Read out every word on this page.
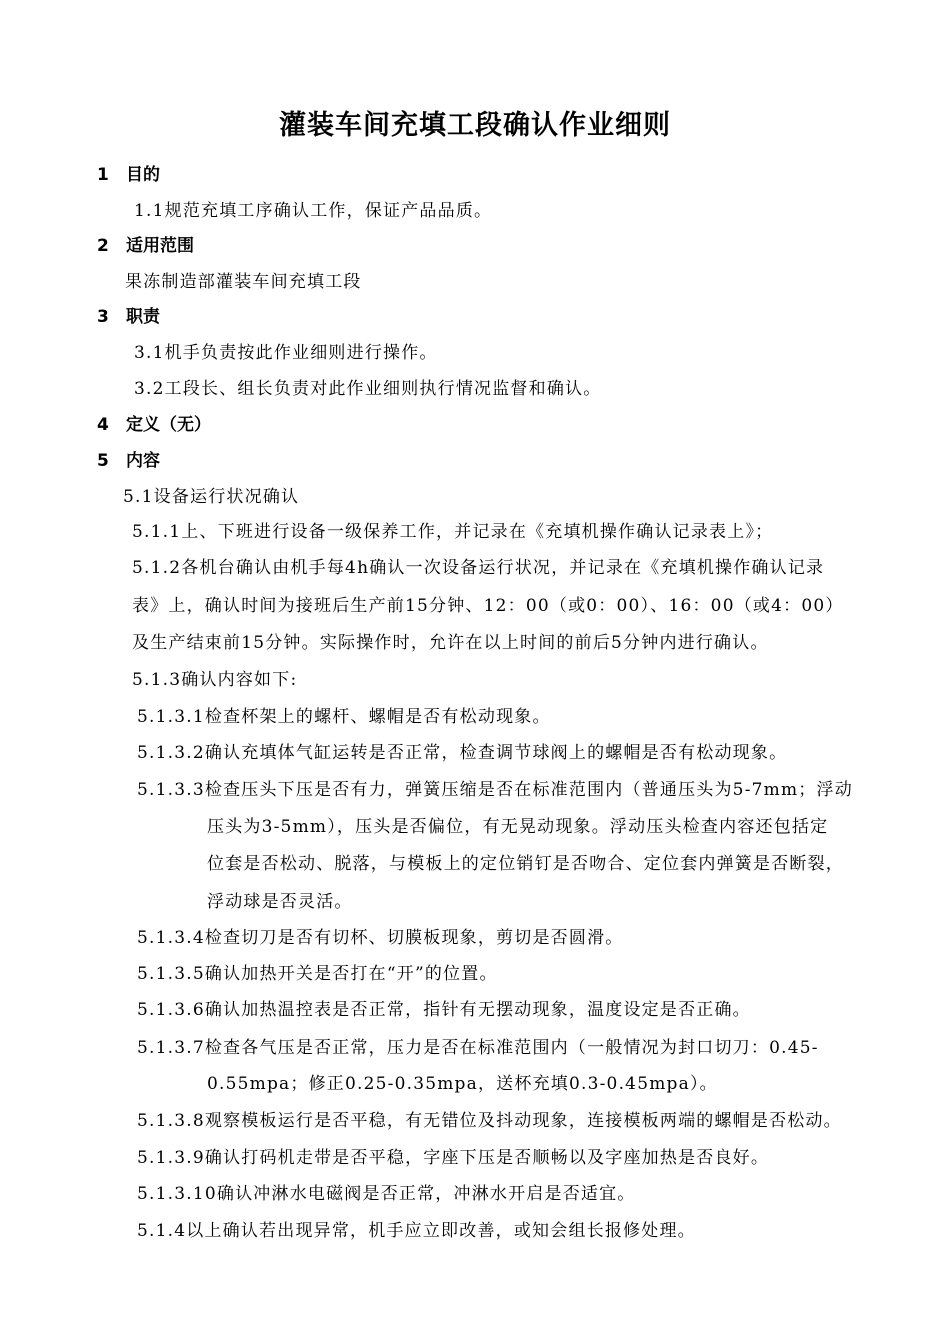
灌装车间充填工段确认作业细则
1 目的
1.1规范充填工序确认工作，保证产品品质。
2 适用范围
果冻制造部灌装车间充填工段
3 职责
3.1机手负责按此作业细则进行操作。
3.2工段长、组长负责对此作业细则执行情况监督和确认。
4 定义（无）
5 内容
5.1设备运行状况确认
5.1.1上、下班进行设备一级保养工作，并记录在《充填机操作确认记录表上》；
5.1.2各机台确认由机手每4h确认一次设备运行状况，并记录在《充填机操作确认记录
表》上，确认时间为接班后生产前15分钟、12：00（或0：00）、16：00（或4：00）
及生产结束前15分钟。实际操作时，允许在以上时间的前后5分钟内进行确认。
5.1.3确认内容如下:
5.1.3.1检查杯架上的螺杆、螺帽是否有松动现象。
5.1.3.2确认充填体气缸运转是否正常，检查调节球阀上的螺帽是否有松动现象。
5.1.3.3检查压头下压是否有力，弹簧压缩是否在标准范围内（普通压头为5-7mm；浮动
压头为3-5mm），压头是否偏位，有无晃动现象。浮动压头检查内容还包括定
位套是否松动、脱落，与模板上的定位销钉是否吻合、定位套内弹簧是否断裂，
浮动球是否灵活。
5.1.3.4检查切刀是否有切杯、切膜板现象，剪切是否圆滑。
5.1.3.5确认加热开关是否打在“开”的位置。
5.1.3.6确认加热温控表是否正常，指针有无摆动现象，温度设定是否正确。
5.1.3.7检查各气压是否正常，压力是否在标准范围内（一般情况为封口切刀：0.45-
0.55mpa；修正0.25-0.35mpa，送杯充填0.3-0.45mpa）。
5.1.3.8观察模板运行是否平稳，有无错位及抖动现象，连接模板两端的螺帽是否松动。
5.1.3.9确认打码机走带是否平稳，字座下压是否顺畅以及字座加热是否良好。
5.1.3.10确认冲淋水电磁阀是否正常，冲淋水开启是否适宜。
5.1.4以上确认若出现异常，机手应立即改善，或知会组长报修处理。
